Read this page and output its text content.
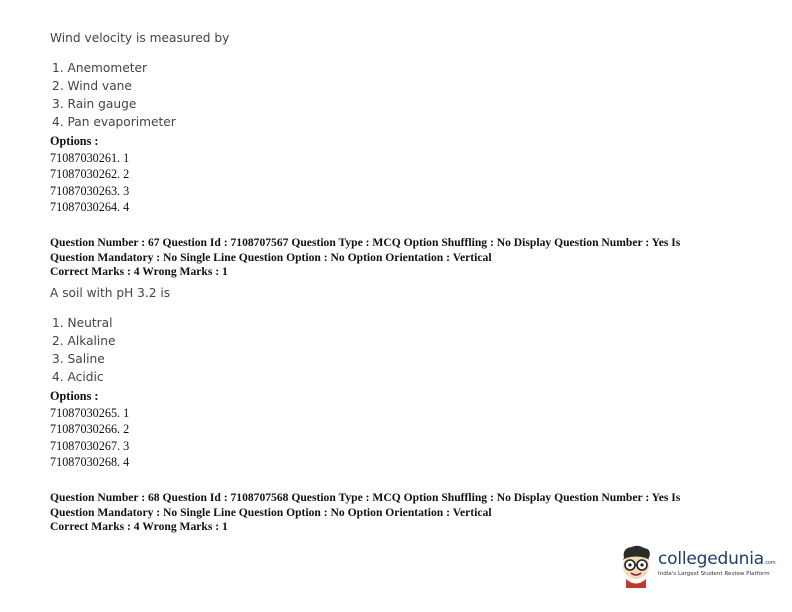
Wind velocity is measured by
1. Anemometer
2. Wind vane
3. Rain gauge
4. Pan evaporimeter
Options :
71087030261. 1
71087030262. 2
71087030263. 3
71087030264. 4
Question Number : 67 Question Id : 7108707567 Question Type : MCQ Option Shuffling : No Display Question Number : Yes Is
Question Mandatory : No Single Line Question Option : No Option Orientation : Vertical
Correct Marks : 4 Wrong Marks : 1
A soil with pH 3.2 is
1. Neutral
2. Alkaline
3. Saline
4. Acidic
Options :
71087030265. 1
71087030266. 2
71087030267. 3
71087030268. 4
Question Number : 68 Question Id : 7108707568 Question Type : MCQ Option Shuffling : No Display Question Number : Yes Is
Question Mandatory : No Single Line Question Option : No Option Orientation : Vertical
Correct Marks : 4 Wrong Marks : 1
collegedunia.com
India's Largest Student Review Platform
